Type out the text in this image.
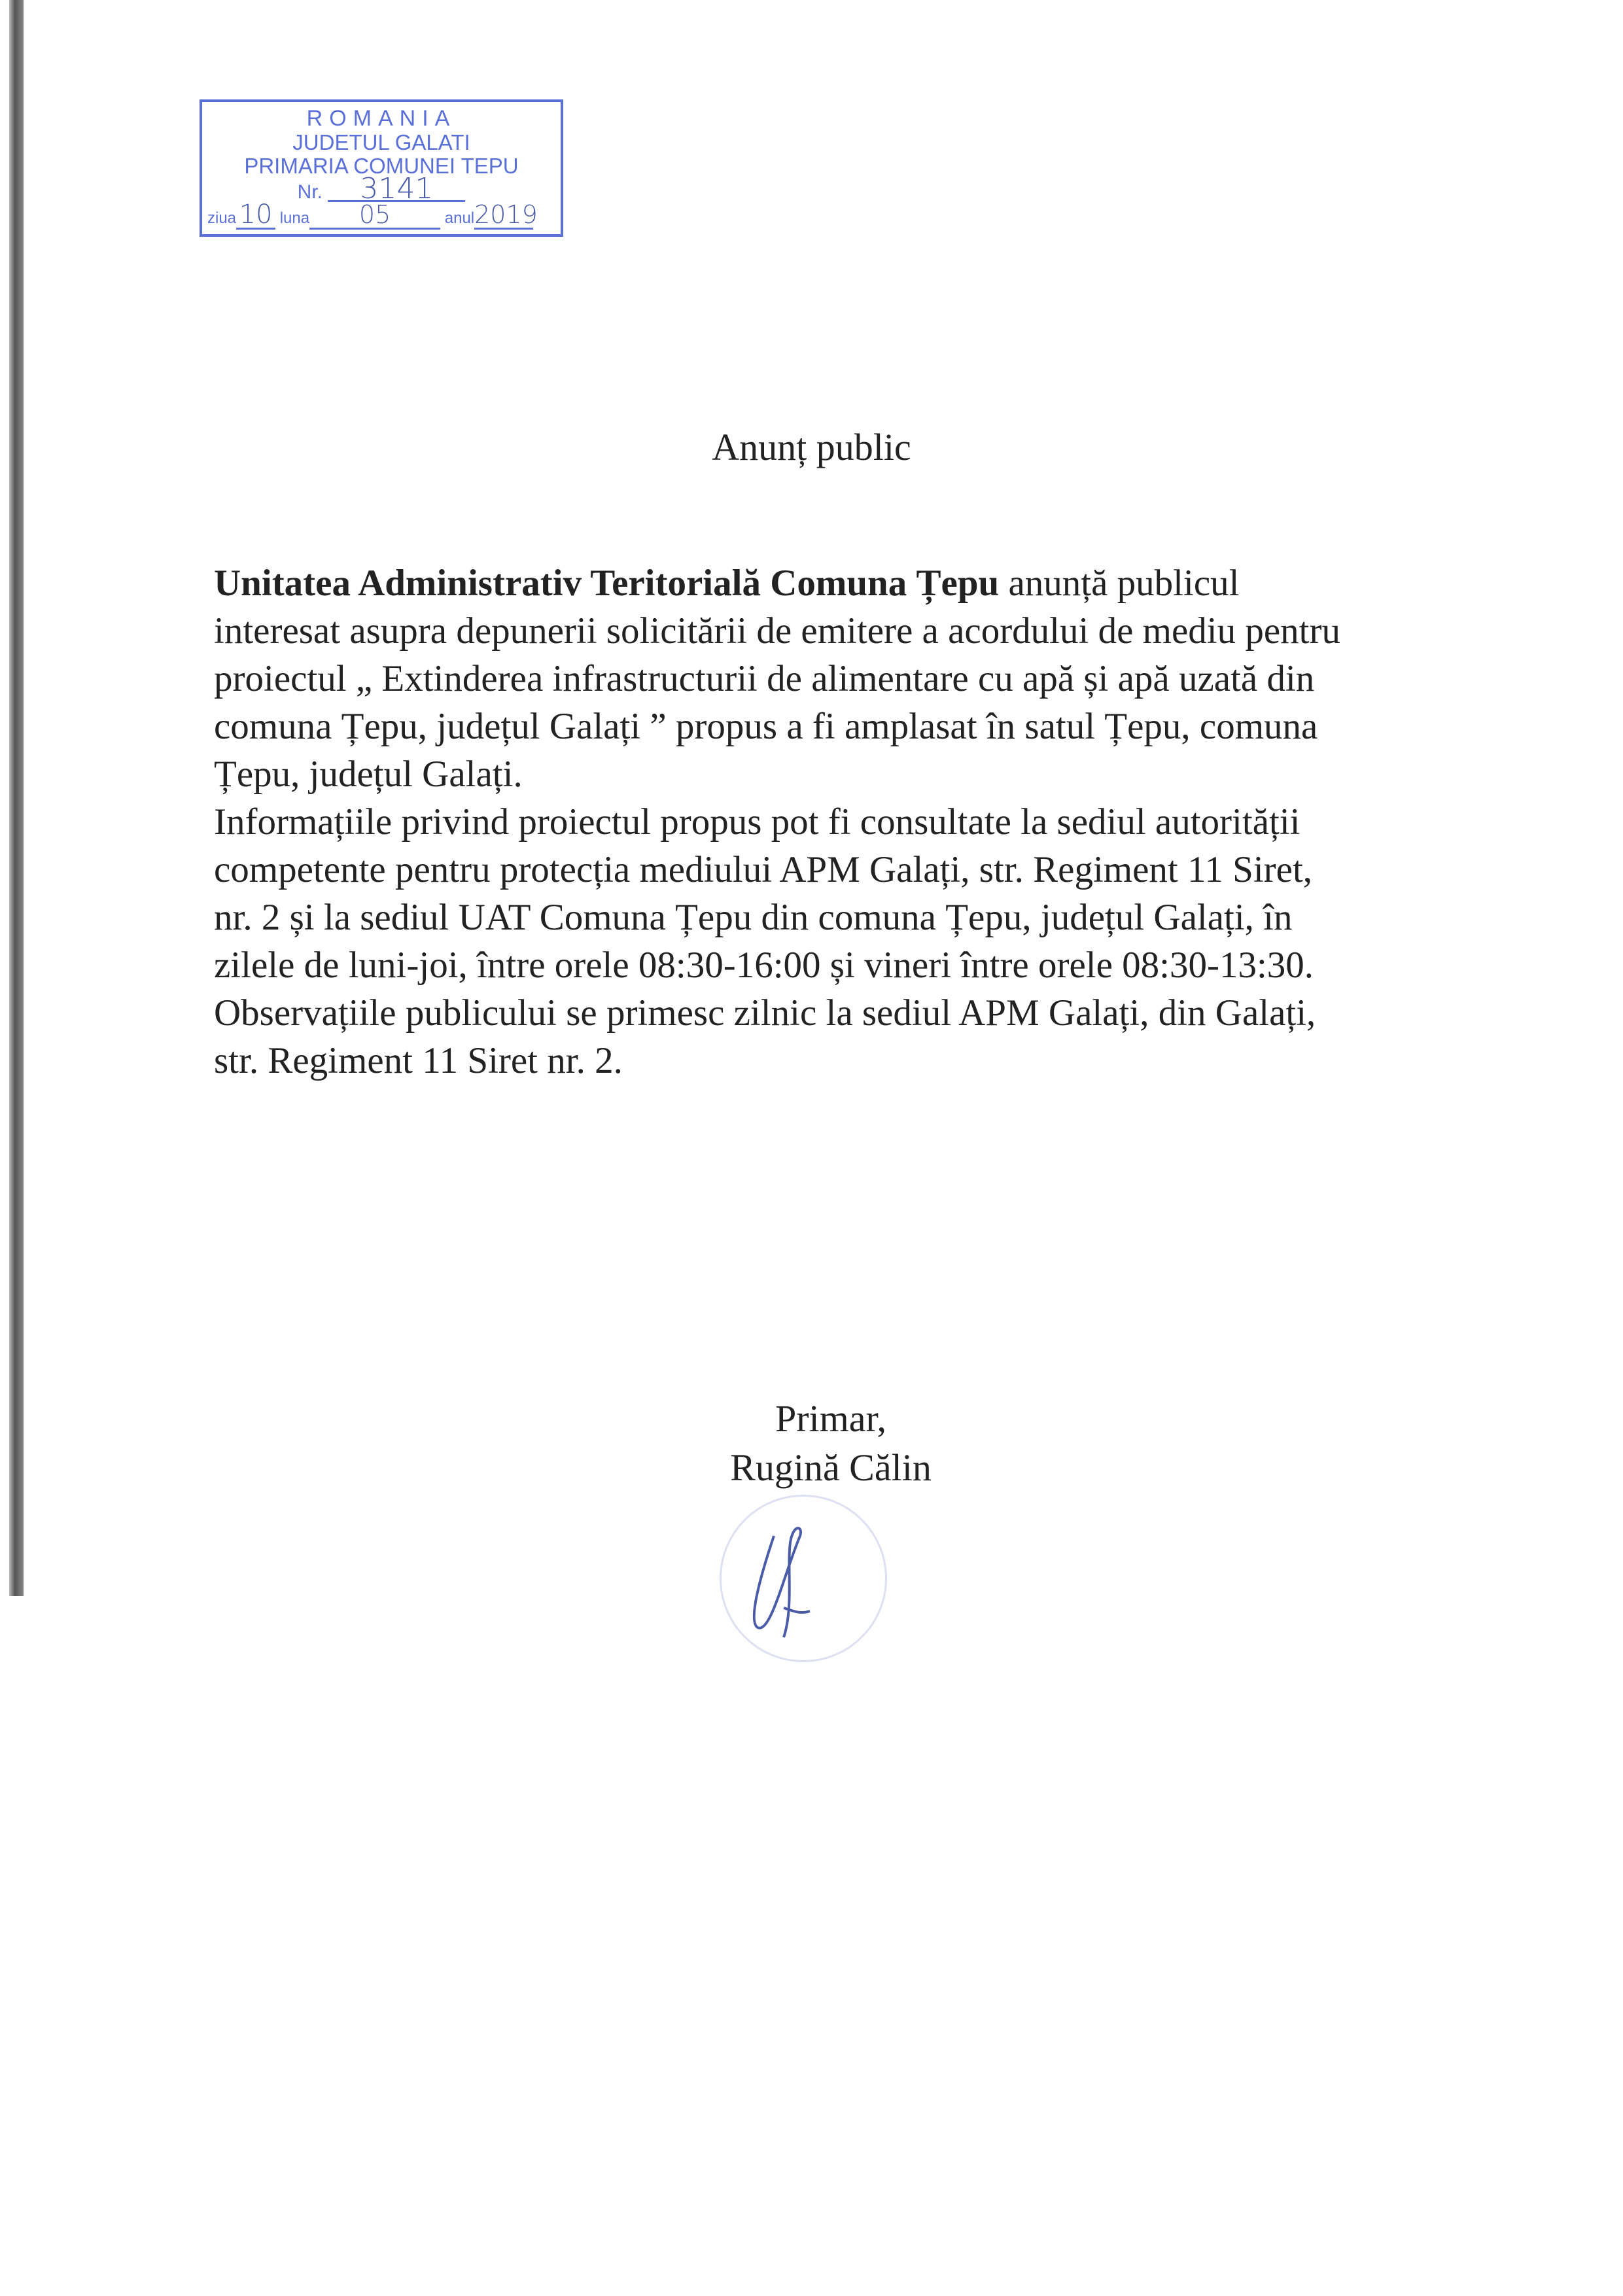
ROMANIA
JUDETUL GALATI
PRIMARIA COMUNEI TEPU
Nr. 3141
ziua 10 luna 05	anul2019
Anunț public
Unitatea Administrativ Teritorială Comuna Țepu anunță publicul
interesat asupra depunerii solicitării de emitere a acordului de mediu pentru
proiectul „ Extinderea infrastructurii de alimentare cu apă și apă uzată din
comuna Țepu, județul Galați ” propus a fi amplasat în satul Țepu, comuna
Țepu, județul Galați.
Informațiile privind proiectul propus pot fi consultate la sediul autorității
competente pentru protecția mediului APM Galați, str. Regiment 11 Siret,
nr. 2 și la sediul UAT Comuna Țepu din comuna Țepu, județul Galați, în
zilele de luni-joi, între orele 08:30-16:00 și vineri între orele 08:30-13:30.
Observațiile publicului se primesc zilnic la sediul APM Galați, din Galați,
str. Regiment 11 Siret nr. 2.
Primar,
Rugină Călin
